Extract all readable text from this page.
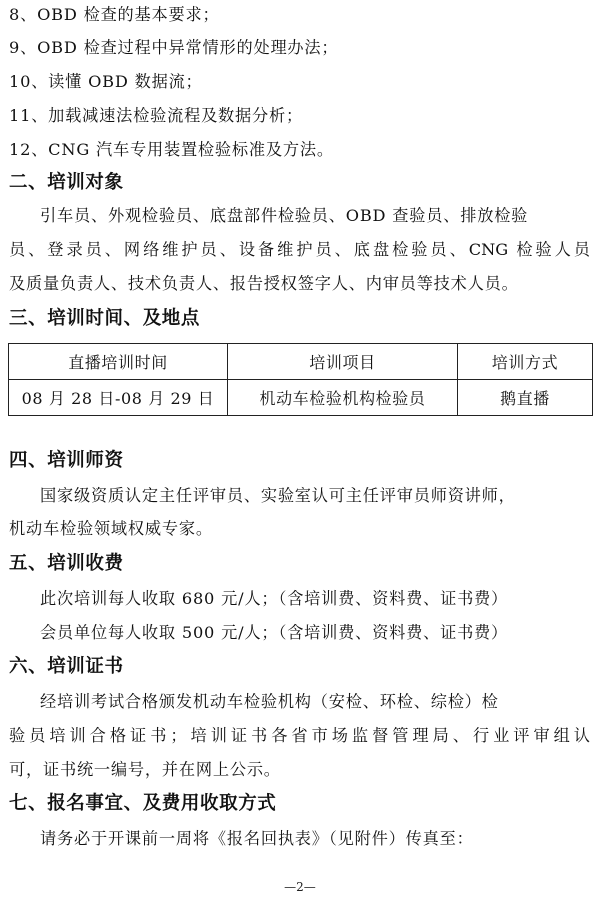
8、OBD 检查的基本要求；
9、OBD 检查过程中异常情形的处理办法；
10、读懂 OBD 数据流；
11、加载减速法检验流程及数据分析；
12、CNG 汽车专用装置检验标准及方法。
二、培训对象
引车员、外观检验员、底盘部件检验员、OBD 查验员、排放检验
员、登录员、网络维护员、设备维护员、底盘检验员、CNG 检验人员
及质量负责人、技术负责人、报告授权签字人、内审员等技术人员。
三、培训时间、及地点
直播培训时间	培训项目	培训方式
08 月 28 日-08 月 29 日	机动车检验机构检验员	鹅直播
四、培训师资
国家级资质认定主任评审员、实验室认可主任评审员师资讲师，
机动车检验领域权威专家。
五、培训收费
此次培训每人收取 680 元/人；（含培训费、资料费、证书费）
会员单位每人收取 500 元/人；（含培训费、资料费、证书费）
六、培训证书
经培训考试合格颁发机动车检验机构（安检、环检、综检）检
验员培训合格证书；培训证书各省市场监督管理局、行业评审组认
可，证书统一编号，并在网上公示。
七、报名事宜、及费用收取方式
请务必于开课前一周将《报名回执表》（见附件）传真至：
—2—
